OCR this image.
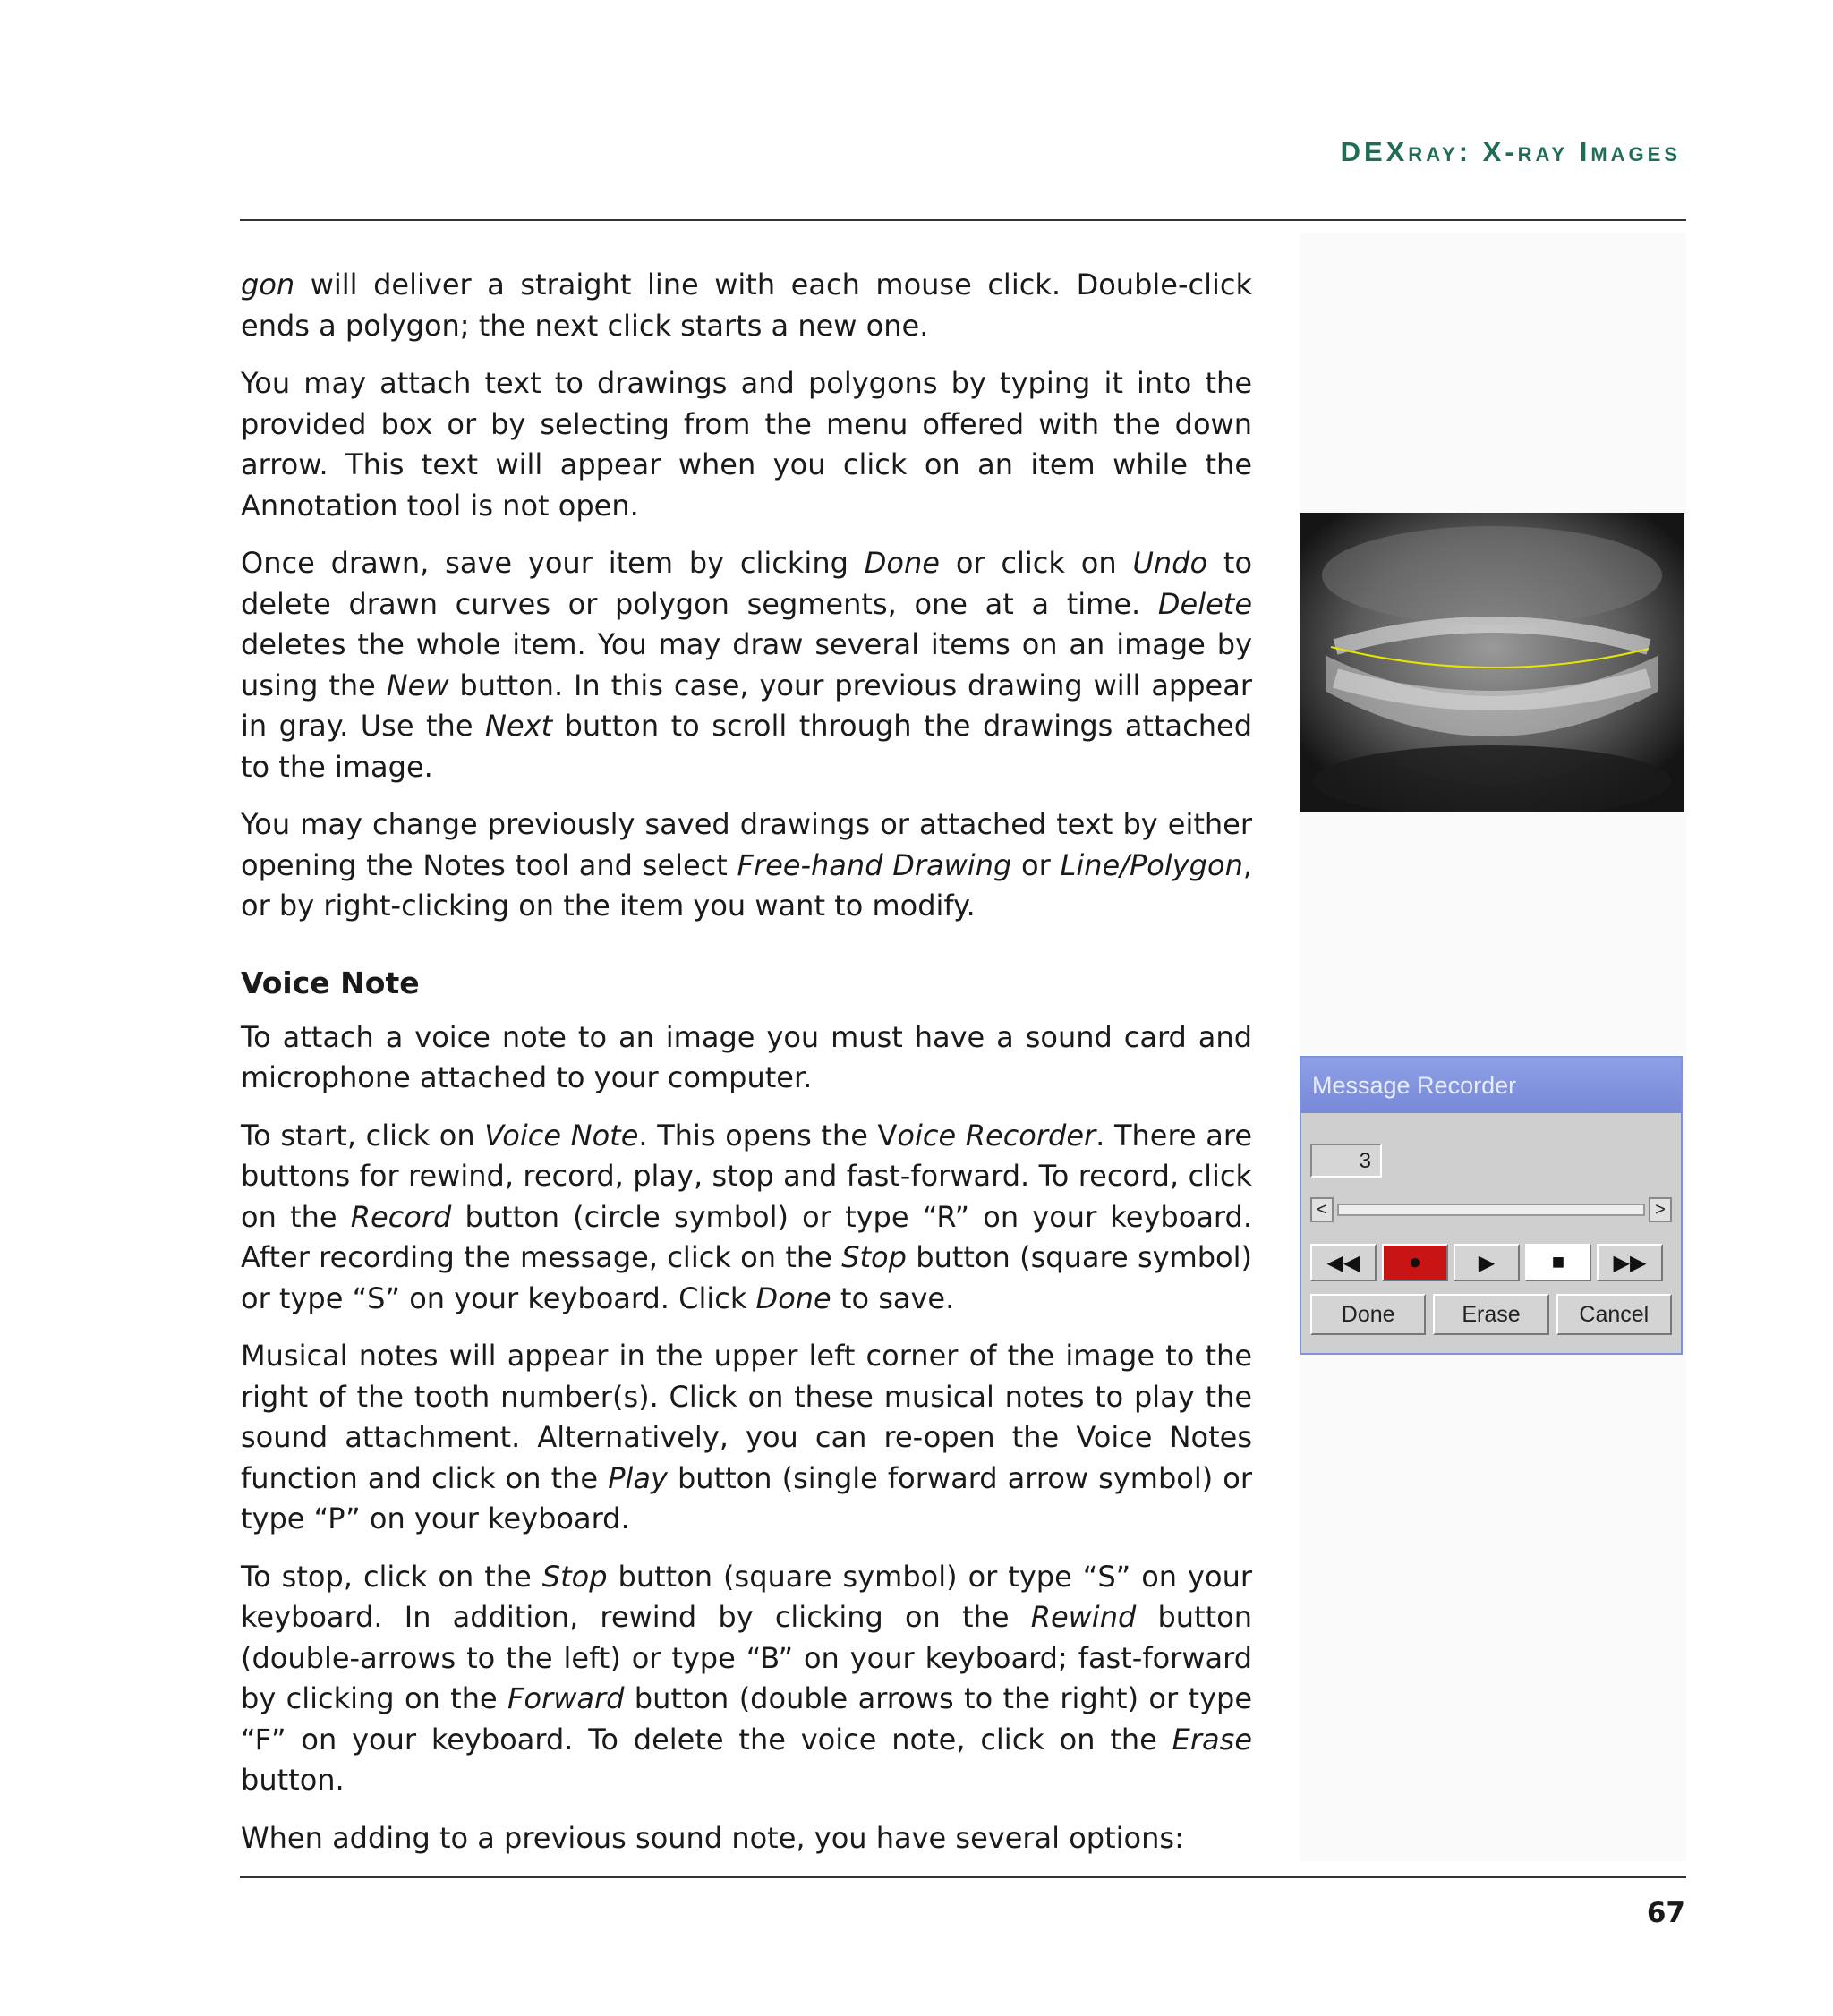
DEXray: X-ray Images

gon will deliver a straight line with each mouse click. Double-click ends a polygon; the next click starts a new one.

You may attach text to drawings and polygons by typing it into the provided box or by selecting from the menu offered with the down arrow. This text will appear when you click on an item while the Annotation tool is not open.

Once drawn, save your item by clicking Done or click on Undo to delete drawn curves or polygon segments, one at a time. Delete deletes the whole item. You may draw several items on an image by using the New button. In this case, your previous drawing will appear in gray. Use the Next button to scroll through the drawings attached to the image.

You may change previously saved drawings or attached text by either opening the Notes tool and select Free-hand Drawing or Line/Polygon, or by right-clicking on the item you want to modify.

Voice Note

To attach a voice note to an image you must have a sound card and microphone attached to your computer.

To start, click on Voice Note. This opens the Voice Recorder. There are buttons for rewind, record, play, stop and fast-forward. To record, click on the Record button (circle symbol) or type “R” on your keyboard. After recording the message, click on the Stop button (square symbol) or type “S” on your keyboard. Click Done to save.

Musical notes will appear in the upper left corner of the image to the right of the tooth number(s). Click on these musical notes to play the sound attachment. Alternatively, you can re-open the Voice Notes function and click on the Play button (single forward arrow symbol) or type “P” on your keyboard.

To stop, click on the Stop button (square symbol) or type “S” on your keyboard. In addition, rewind by clicking on the Rewind button (double-arrows to the left) or type “B” on your keyboard; fast-forward by clicking on the Forward button (double arrows to the right) or type “F” on your keyboard. To delete the voice note, click on the Erase button.

When adding to a previous sound note, you have several options:

Message Recorder
3
<	>
◀◀	●	▶	■	▶▶
Done	Erase	Cancel

67
